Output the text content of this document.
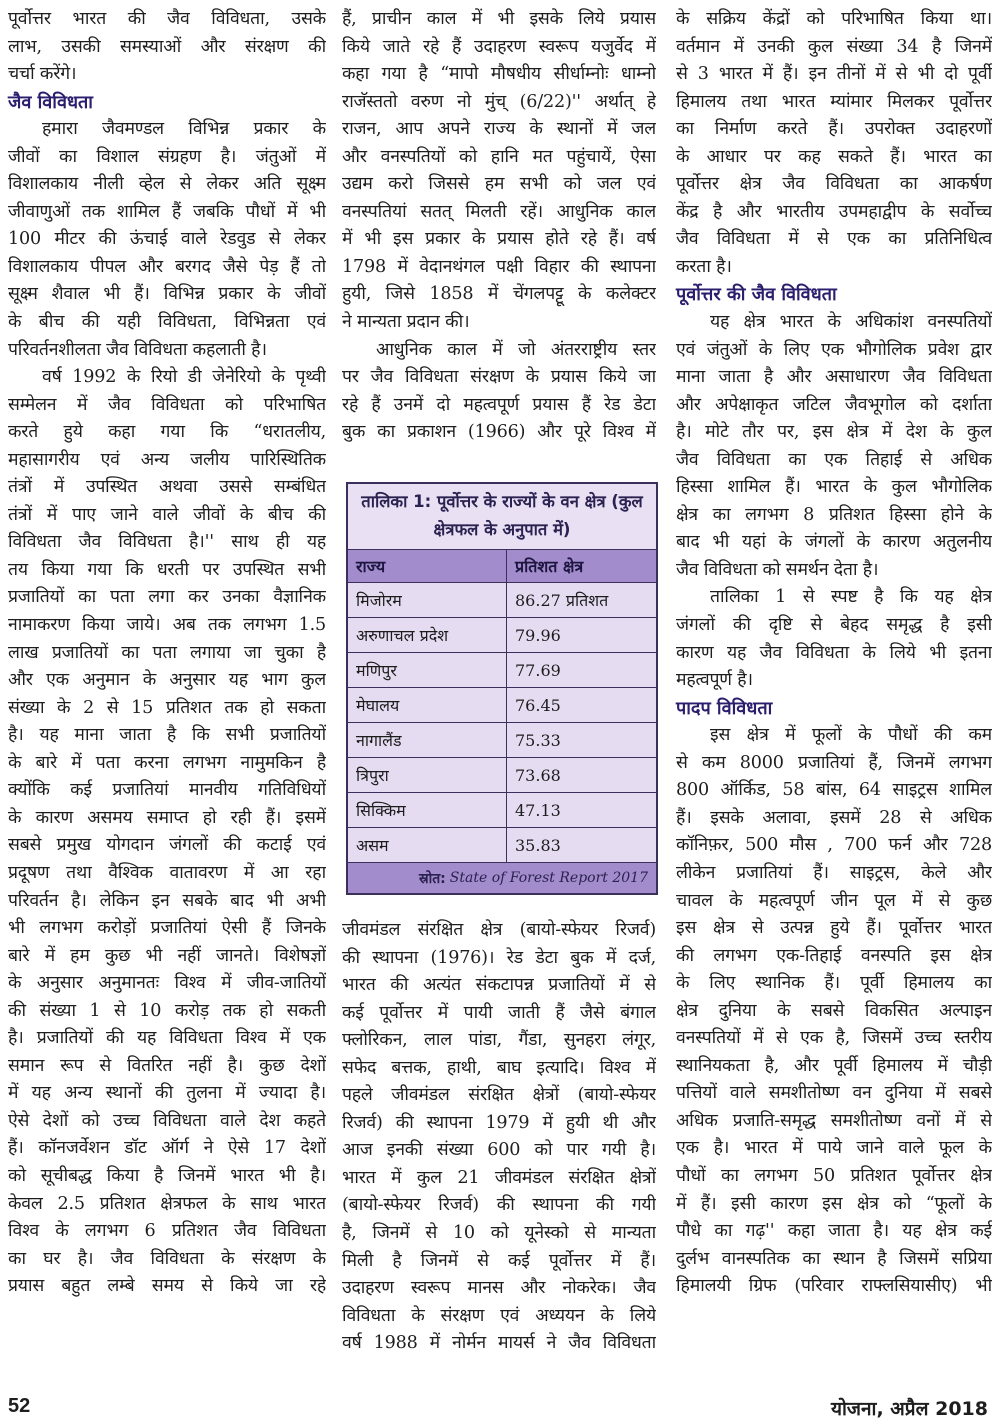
पूर्वोत्तर भारत की जैव विविधता, उसके
लाभ, उसकी समस्याओं और संरक्षण की
चर्चा करेंगे।
जैव विविधता
हमारा जैवमण्डल विभिन्न प्रकार के
जीवों का विशाल संग्रहण है। जंतुओं में
विशालकाय नीली व्हेल से लेकर अति सूक्ष्म
जीवाणुओं तक शामिल हैं जबकि पौधों में भी
100 मीटर की ऊंचाई वाले रेडवुड से लेकर
विशालकाय पीपल और बरगद जैसे पेड़ हैं तो
सूक्ष्म शैवाल भी हैं। विभिन्न प्रकार के जीवों
के बीच की यही विविधता, विभिन्नता एवं
परिवर्तनशीलता जैव विविधता कहलाती है।
वर्ष 1992 के रियो डी जेनेरियो के पृथ्वी
सम्मेलन में जैव विविधता को परिभाषित
करते हुये कहा गया कि “धरातलीय,
महासागरीय एवं अन्य जलीय पारिस्थितिक
तंत्रों में उपस्थित अथवा उससे सम्बंधित
तंत्रों में पाए जाने वाले जीवों के बीच की
विविधता जैव विविधता है।'' साथ ही यह
तय किया गया कि धरती पर उपस्थित सभी
प्रजातियों का पता लगा कर उनका वैज्ञानिक
नामाकरण किया जाये। अब तक लगभग 1.5
लाख प्रजातियों का पता लगाया जा चुका है
और एक अनुमान के अनुसार यह भाग कुल
संख्या के 2 से 15 प्रतिशत तक हो सकता
है। यह माना जाता है कि सभी प्रजातियों
के बारे में पता करना लगभग नामुमकिन है
क्योंकि कई प्रजातियां मानवीय गतिविधियों
के कारण असमय समाप्त हो रही हैं। इसमें
सबसे प्रमुख योगदान जंगलों की कटाई एवं
प्रदूषण तथा वैश्विक वातावरण में आ रहा
परिवर्तन है। लेकिन इन सबके बाद भी अभी
भी लगभग करोड़ों प्रजातियां ऐसी हैं जिनके
बारे में हम कुछ भी नहीं जानते। विशेषज्ञों
के अनुसार अनुमानतः विश्व में जीव-जातियों
की संख्या 1 से 10 करोड़ तक हो सकती
है। प्रजातियों की यह विविधता विश्व में एक
समान रूप से वितरित नहीं है। कुछ देशों
में यह अन्य स्थानों की तुलना में ज्यादा है।
ऐसे देशों को उच्च विविधता वाले देश कहते
हैं। कॉनजर्वेशन डॉट ऑर्ग ने ऐसे 17 देशों
को सूचीबद्ध किया है जिनमें भारत भी है।
केवल 2.5 प्रतिशत क्षेत्रफल के साथ भारत
विश्व के लगभग 6 प्रतिशत जैव विविधता
का घर है। जैव विविधता के संरक्षण के
प्रयास बहुत लम्बे समय से किये जा रहे
हैं, प्राचीन काल में भी इसके लिये प्रयास
किये जाते रहे हैं उदाहरण स्वरूप यजुर्वेद में
कहा गया है “मापो मौषधीय सीर्धाम्नोः धाम्नो
राजॅस्ततो वरुण नो मुंच् (6/22)'' अर्थात् हे
राजन, आप अपने राज्य के स्थानों में जल
और वनस्पतियों को हानि मत पहुंचायें, ऐसा
उद्यम करो जिससे हम सभी को जल एवं
वनस्पतियां सतत् मिलती रहें। आधुनिक काल
में भी इस प्रकार के प्रयास होते रहे हैं। वर्ष
1798 में वेदानथंगल पक्षी विहार की स्थापना
हुयी, जिसे 1858 में चेंगलपट्टू के कलेक्टर
ने मान्यता प्रदान की।
आधुनिक काल में जो अंतरराष्ट्रीय स्तर
पर जैव विविधता संरक्षण के प्रयास किये जा
रहे हैं उनमें दो महत्वपूर्ण प्रयास हैं रेड डेटा
बुक का प्रकाशन (1966) और पूरे विश्व में
जीवमंडल संरक्षित क्षेत्र (बायो-स्फेयर रिजर्व)
की स्थापना (1976)। रेड डेटा बुक में दर्ज,
भारत की अत्यंत संकटापन्न प्रजातियों में से
कई पूर्वोत्तर में पायी जाती हैं जैसे बंगाल
फ्लोरिकन, लाल पांडा, गैंडा, सुनहरा लंगूर,
सफेद बत्तक, हाथी, बाघ इत्यादि। विश्व में
पहले जीवमंडल संरक्षित क्षेत्रों (बायो-स्फेयर
रिजर्व) की स्थापना 1979 में हुयी थी और
आज इनकी संख्या 600 को पार गयी है।
भारत में कुल 21 जीवमंडल संरक्षित क्षेत्रों
(बायो-स्फेयर रिजर्व) की स्थापना की गयी
है, जिनमें से 10 को यूनेस्को से मान्यता
मिली है जिनमें से कई पूर्वोत्तर में हैं।
उदाहरण स्वरूप मानस और नोकरेक। जैव
विविधता के संरक्षण एवं अध्ययन के लिये
वर्ष 1988 में नोर्मन मायर्स ने जैव विविधता
के सक्रिय केंद्रों को परिभाषित किया था।
वर्तमान में उनकी कुल संख्या 34 है जिनमें
से 3 भारत में हैं। इन तीनों में से भी दो पूर्वी
हिमालय तथा भारत म्यांमार मिलकर पूर्वोत्तर
का निर्माण करते हैं। उपरोक्त उदाहरणों
के आधार पर कह सकते हैं। भारत का
पूर्वोत्तर क्षेत्र जैव विविधता का आकर्षण
केंद्र है और भारतीय उपमहाद्वीप के सर्वोच्च
जैव विविधता में से एक का प्रतिनिधित्व
करता है।
पूर्वोत्तर की जैव विविधता
यह क्षेत्र भारत के अधिकांश वनस्पतियों
एवं जंतुओं के लिए एक भौगोलिक प्रवेश द्वार
माना जाता है और असाधारण जैव विविधता
और अपेक्षाकृत जटिल जैवभूगोल को दर्शाता
है। मोटे तौर पर, इस क्षेत्र में देश के कुल
जैव विविधता का एक तिहाई से अधिक
हिस्सा शामिल हैं। भारत के कुल भौगोलिक
क्षेत्र का लगभग 8 प्रतिशत हिस्सा होने के
बाद भी यहां के जंगलों के कारण अतुलनीय
जैव विविधता को समर्थन देता है।
तालिका 1 से स्पष्ट है कि यह क्षेत्र
जंगलों की दृष्टि से बेहद समृद्ध है इसी
कारण यह जैव विविधता के लिये भी इतना
महत्वपूर्ण है।
पादप विविधता
इस क्षेत्र में फूलों के पौधों की कम
से कम 8000 प्रजातियां हैं, जिनमें लगभग
800 ऑर्किड, 58 बांस, 64 साइट्रस शामिल
हैं। इसके अलावा, इसमें 28 से अधिक
कॉनिफ़र, 500 मौस , 700 फर्न और 728
लीकेन प्रजातियां हैं। साइट्रस, केले और
चावल के महत्वपूर्ण जीन पूल में से कुछ
इस क्षेत्र से उत्पन्न हुये हैं। पूर्वोत्तर भारत
की लगभग एक-तिहाई वनस्पति इस क्षेत्र
के लिए स्थानिक हैं। पूर्वी हिमालय का
क्षेत्र दुनिया के सबसे विकसित अल्पाइन
वनस्पतियों में से एक है, जिसमें उच्च स्तरीय
स्थानियकता है, और पूर्वी हिमालय में चौड़ी
पत्तियों वाले समशीतोष्ण वन दुनिया में सबसे
अधिक प्रजाति-समृद्ध समशीतोष्ण वनों में से
एक है। भारत में पाये जाने वाले फूल के
पौधों का लगभग 50 प्रतिशत पूर्वोत्तर क्षेत्र
में हैं। इसी कारण इस क्षेत्र को “फूलों के
पौधे का गढ़'' कहा जाता है। यह क्षेत्र कई
दुर्लभ वानस्पतिक का स्थान है जिसमें सप्रिया
हिमालयी ग्रिफ (परिवार राफ्लसियासीए) भी
तालिका 1: पूर्वोत्तर के राज्यों के वन क्षेत्र (कुल क्षेत्रफल के अनुपात में)
राज्य	प्रतिशत क्षेत्र
मिजोरम	86.27 प्रतिशत
अरुणाचल प्रदेश	79.96
मणिपुर	77.69
मेघालय	76.45
नागालैंड	75.33
त्रिपुरा	73.68
सिक्किम	47.13
असम	35.83
स्रोत: State of Forest Report 2017
52	योजना, अप्रैल 2018
